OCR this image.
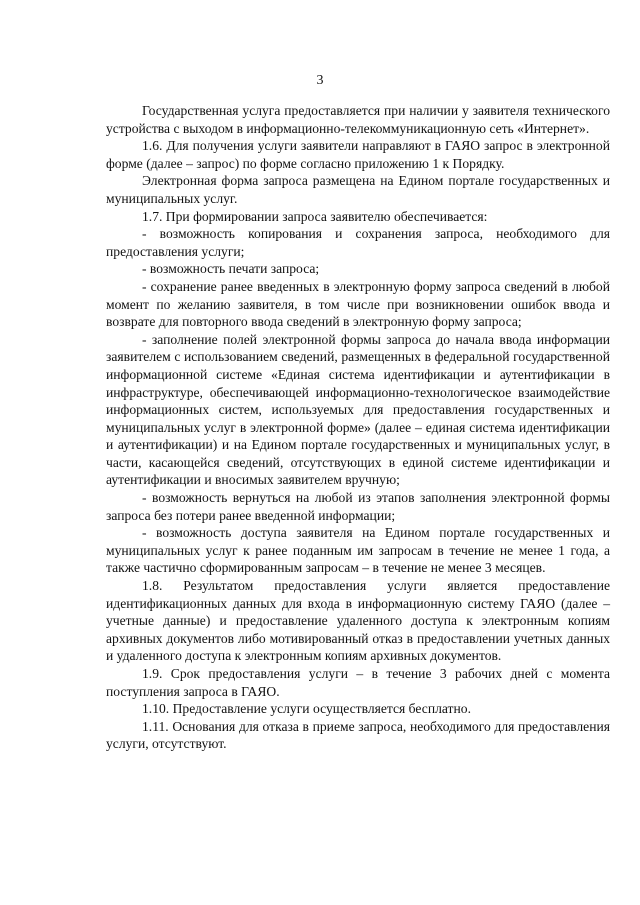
3

Государственная услуга предоставляется при наличии у заявителя технического устройства с выходом в информационно-телекоммуникационную сеть «Интернет».

1.6. Для получения услуги заявители направляют в ГАЯО запрос в электронной форме (далее – запрос) по форме согласно приложению 1 к Порядку.

Электронная форма запроса размещена на Едином портале государственных и муниципальных услуг.

1.7. При формировании запроса заявителю обеспечивается:

- возможность копирования и сохранения запроса, необходимого для предоставления услуги;

- возможность печати запроса;

- сохранение ранее введенных в электронную форму запроса сведений в любой момент по желанию заявителя, в том числе при возникновении ошибок ввода и возврате для повторного ввода сведений в электронную форму запроса;

- заполнение полей электронной формы запроса до начала ввода информации заявителем с использованием сведений, размещенных в федеральной государственной информационной системе «Единая система идентификации и аутентификации в инфраструктуре, обеспечивающей информационно-технологическое взаимодействие информационных систем, используемых для предоставления государственных и муниципальных услуг в электронной форме» (далее – единая система идентификации и аутентификации) и на Едином портале государственных и муниципальных услуг, в части, касающейся сведений, отсутствующих в единой системе идентификации и аутентификации и вносимых заявителем вручную;

- возможность вернуться на любой из этапов заполнения электронной формы запроса без потери ранее введенной информации;

- возможность доступа заявителя на Едином портале государственных и муниципальных услуг к ранее поданным им запросам в течение не менее 1 года, а также частично сформированным запросам – в течение не менее 3 месяцев.

1.8. Результатом предоставления услуги является предоставление идентификационных данных для входа в информационную систему ГАЯО (далее – учетные данные) и предоставление удаленного доступа к электронным копиям архивных документов либо мотивированный отказ в предоставлении учетных данных и удаленного доступа к электронным копиям архивных документов.

1.9. Срок предоставления услуги – в течение 3 рабочих дней с момента поступления запроса в ГАЯО.

1.10. Предоставление услуги осуществляется бесплатно.

1.11. Основания для отказа в приеме запроса, необходимого для предоставления услуги, отсутствуют.
